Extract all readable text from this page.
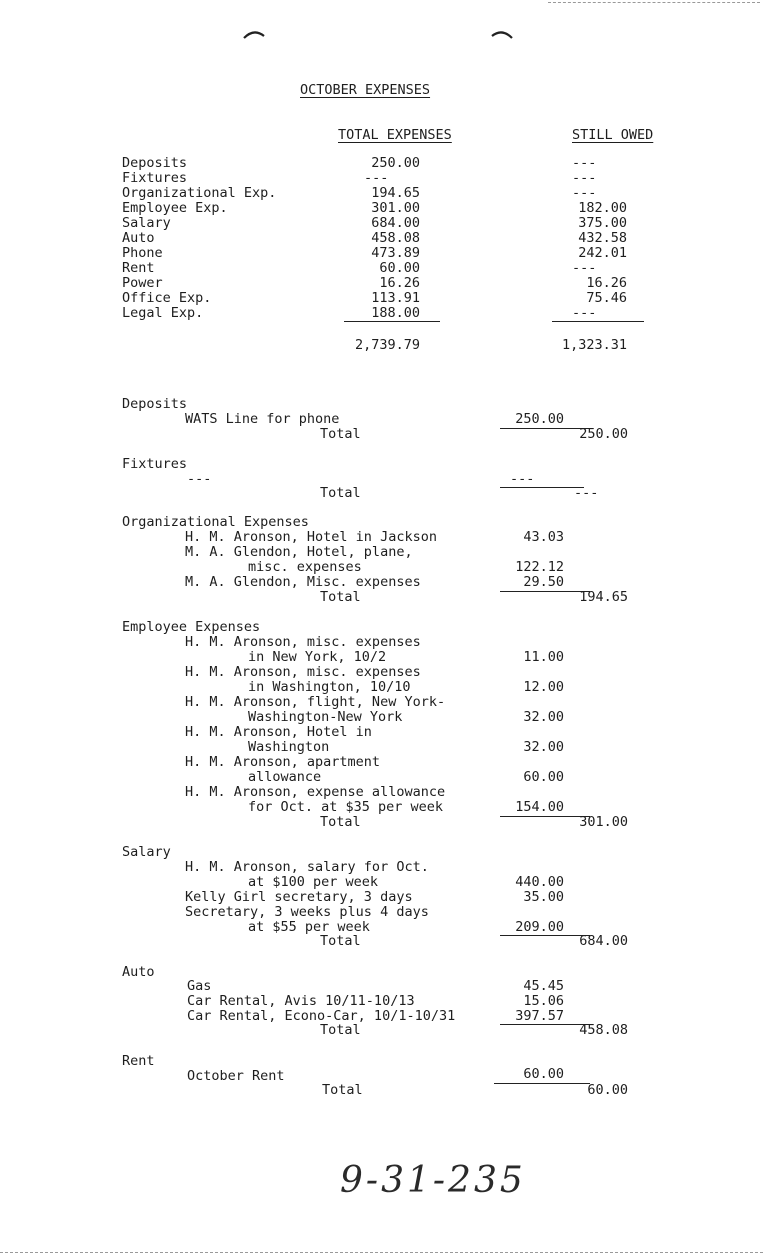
OCTOBER EXPENSES
TOTAL EXPENSES	STILL OWED
Deposits	250.00	---
Fixtures	---	---
Organizational Exp.	194.65	---
Employee Exp.	301.00	182.00
Salary	684.00	375.00
Auto	458.08	432.58
Phone	473.89	242.01
Rent	60.00	---
Power	16.26	16.26
Office Exp.	113.91	75.46
Legal Exp.	188.00	---
2,739.79	1,323.31
Deposits
WATS Line for phone	250.00
Total	250.00
Fixtures
---	---
Total	---
Organizational Expenses
H. M. Aronson, Hotel in Jackson	43.03
M. A. Glendon, Hotel, plane,
misc. expenses	122.12
M. A. Glendon, Misc. expenses	29.50
Total	194.65
Employee Expenses
H. M. Aronson, misc. expenses
in New York, 10/2	11.00
H. M. Aronson, misc. expenses
in Washington, 10/10	12.00
H. M. Aronson, flight, New York-
Washington-New York	32.00
H. M. Aronson, Hotel in
Washington	32.00
H. M. Aronson, apartment
allowance	60.00
H. M. Aronson, expense allowance
for Oct. at $35 per week	154.00
Total	301.00
Salary
H. M. Aronson, salary for Oct.
at $100 per week	440.00
Kelly Girl secretary, 3 days	35.00
Secretary, 3 weeks plus 4 days
at $55 per week	209.00
Total	684.00
Auto
Gas	45.45
Car Rental, Avis 10/11-10/13	15.06
Car Rental, Econo-Car, 10/1-10/31	397.57
Total	458.08
Rent
October Rent	60.00
Total	60.00
9-31-235
